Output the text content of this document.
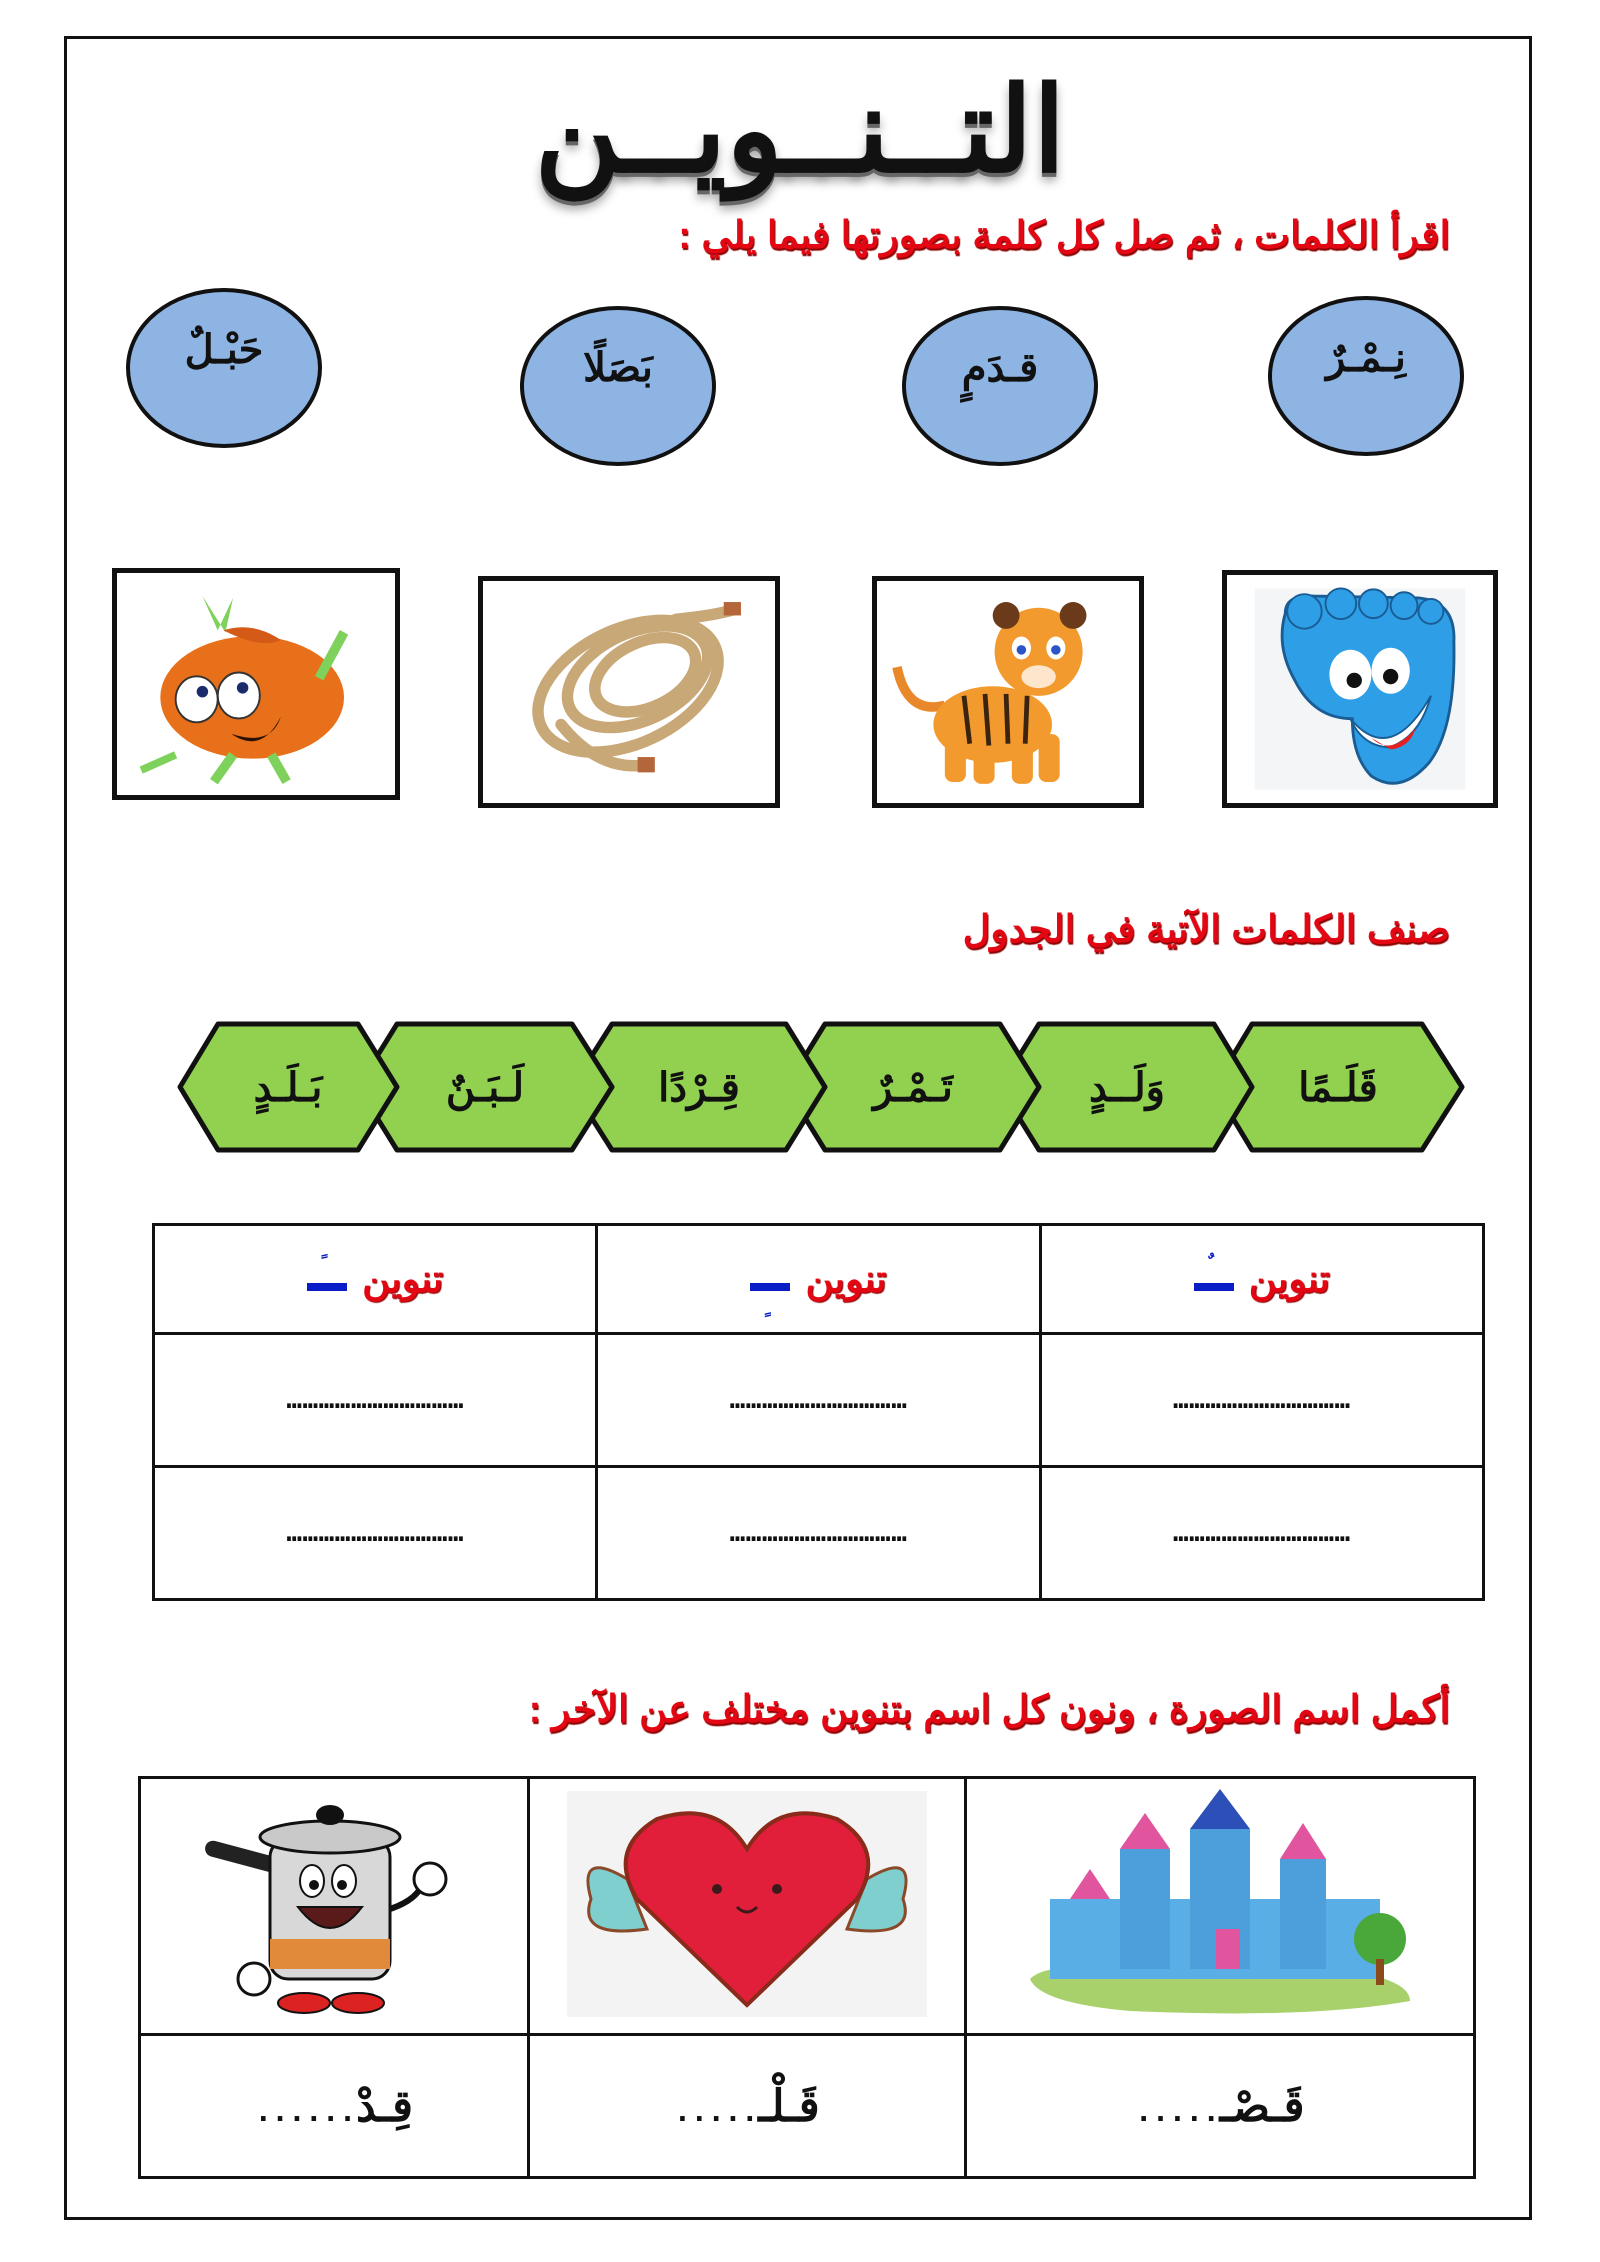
التــنــويــن
اقرأ الكلمات ، ثم صل كل كلمة بصورتها فيما يلي :
نِـمْـرٌ
قـدَمٍ
بَصَلًا
حَبْـلٌ
صنف الكلمات الآتية في الجدول
قَلَـمًا
وَلَــدٍ
تَـمْـرٌ
قِـرْدًا
لَـبَـنٌ
بَـلَـدٍ
تنوين	تنوين	تنوين

……………………………	……………………………	……………………………
……………………………	……………………………	……………………………
أكمل اسم الصورة ، ونون كل اسم بتنوين مختلف عن الآخر :

قَـصْـ.....	قَـلْـ.....	قِـدْ......
